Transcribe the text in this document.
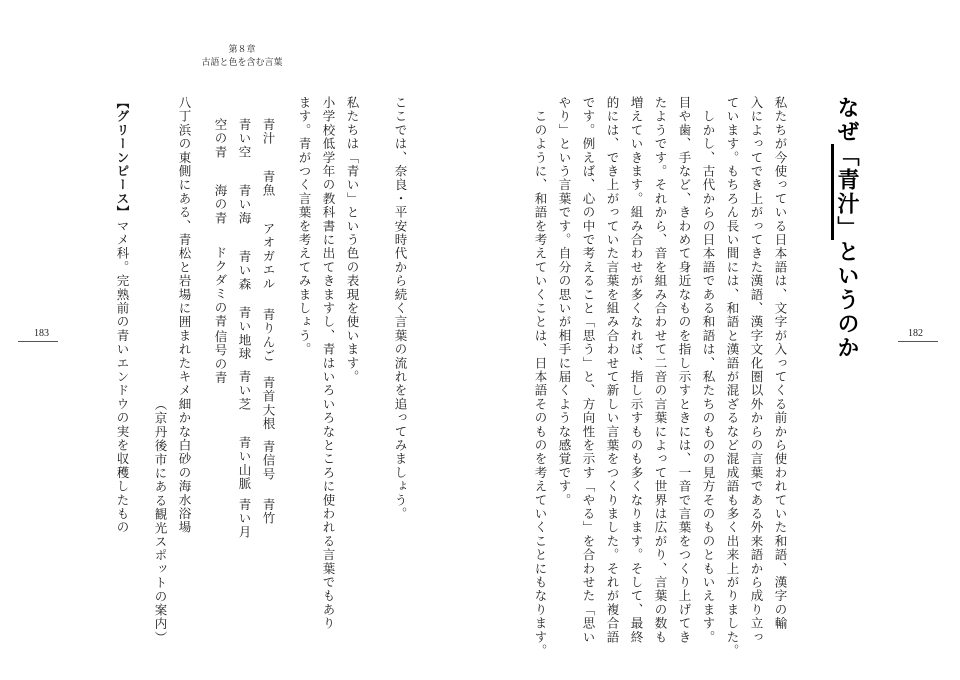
第８章
古語と色を含む言葉
183	182
なぜ「青汁」というのか
私たちが今使っている日本語は、文字が入ってくる前から使われていた和語、漢字の輸
入によってでき上がってきた漢語、漢字文化圏以外からの言葉である外来語から成り立っ
ています。もちろん長い間には、和語と漢語が混ざるなど混成語も多く出来上がりました。
　しかし、古代からの日本語である和語は、私たちのものの見方そのものともいえます。
目や歯、手など、きわめて身近なものを指し示すときには、一音で言葉をつくり上げてき
たようです。それから、音を組み合わせて二音の言葉によって世界は広がり、言葉の数も
増えていきます。組み合わせが多くなれば、指し示すものも多くなります。そして、最終
的には、でき上がっていた言葉を組み合わせて新しい言葉をつくりました。それが複合語
です。例えば、心の中で考えること「思う」と、方向性を示す「やる」を合わせた「思い
やり」という言葉です。自分の思いが相手に届くような感覚です。
　このように、和語を考えていくことは、日本語そのものを考えていくことにもなります。
ここでは、奈良・平安時代から続く言葉の流れを追ってみましょう。
私たちは「青い」という色の表現を使います。
小学校低学年の教科書に出てきますし、青はいろいろなところに使われる言葉でもあり
ます。青がつく言葉を考えてみましょう。
青汁
青魚
アオガエル
青りんご
青首大根
青信号
青竹
青い空
青い海
青い森
青い地球
青い芝
青い山脈
青い月
空の青
海の青
ドクダミの青
信号の青
八丁浜の東側にある、青松と岩場に囲まれたキメ細かな白砂の海水浴場
（京丹後市にある観光スポットの案内）
【グリーンピース】マメ科。完熟前の青いエンドウの実を収穫したもの
